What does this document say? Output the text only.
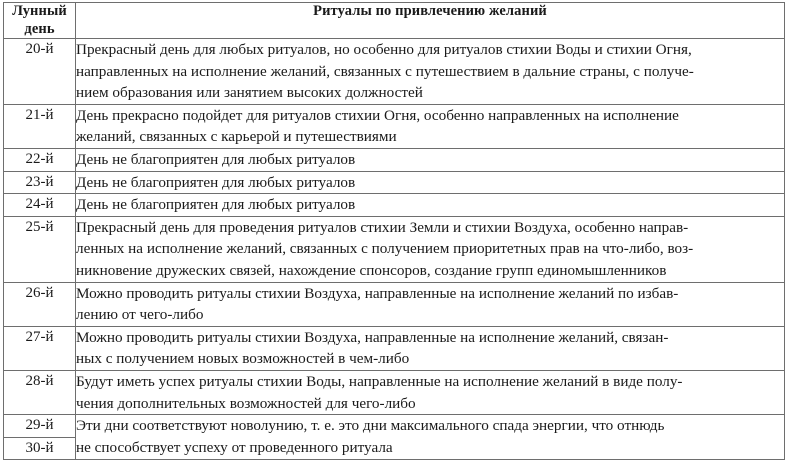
Лунный
день	Ритуалы по привлечению желаний
20-й	Прекрасный день для любых ритуалов, но особенно для ритуалов стихии Воды и стихии Огня,
направленных на исполнение желаний, связанных с путешествием в дальние страны, с получе-
нием образования или занятием высоких должностей

21-й	День прекрасно подойдет для ритуалов стихии Огня, особенно направленных на исполнение
желаний, связанных с карьерой и путешествиями

22-й	День не благоприятен для любых ритуалов

23-й	День не благоприятен для любых ритуалов

24-й	День не благоприятен для любых ритуалов

25-й	Прекрасный день для проведения ритуалов стихии Земли и стихии Воздуха, особенно направ-
ленных на исполнение желаний, связанных с получением приоритетных прав на что-либо, воз-
никновение дружеских связей, нахождение спонсоров, создание групп единомышленников

26-й	Можно проводить ритуалы стихии Воздуха, направленные на исполнение желаний по избав-
лению от чего-либо

27-й	Можно проводить ритуалы стихии Воздуха, направленные на исполнение желаний, связан-
ных с получением новых возможностей в чем-либо

28-й	Будут иметь успех ритуалы стихии Воды, направленные на исполнение желаний в виде полу-
чения дополнительных возможностей для чего-либо

29-й	Эти дни соответствуют новолунию, т. е. это дни максимального спада энергии, что отнюдь
не способствует успеху от проведенного ритуала

30-й	
